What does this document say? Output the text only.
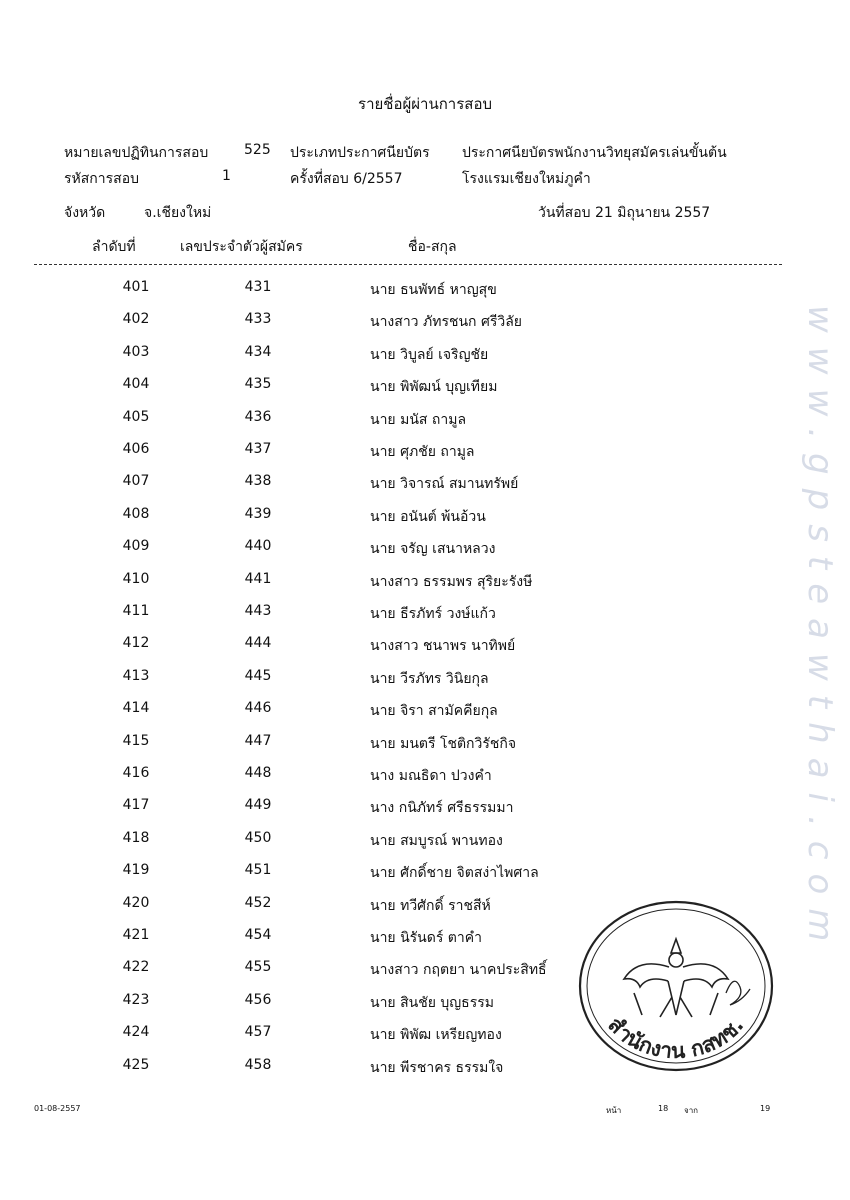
รายชื่อผู้ผ่านการสอบ
หมายเลขปฏิทินการสอบ	525 ประเภทประกาศนียบัตร ประกาศนียบัตรพนักงานวิทยุสมัครเล่นขั้นต้น
รหัสการสอบ	1	ครั้งที่สอบ 6/2557	โรงแรมเชียงใหม่ภูคำ
จังหวัด	จ.เชียงใหม่	วันที่สอบ 21 มิถุนายน 2557
ลำดับที่	เลขประจำตัวผู้สมัคร	ชื่อ-สกุล
401	431	นาย ธนพัทธ์ หาญสุข
402	433	นางสาว ภัทรชนก ศรีวิลัย
403	434	นาย วิบูลย์ เจริญชัย
404	435	นาย พิพัฒน์ บุญเทียม
405	436	นาย มนัส ถามูล
406	437	นาย ศุภชัย ถามูล
407	438	นาย วิจารณ์ สมานทรัพย์
408	439	นาย อนันต์ พ้นอ้วน
409	440	นาย จรัญ เสนาหลวง
410	441	นางสาว ธรรมพร สุริยะรังษี
411	443	นาย ธีรภัทร์ วงษ์แก้ว
412	444	นางสาว ชนาพร นาทิพย์
413	445	นาย วีรภัทร วินิยกุล
414	446	นาย จิรา สามัคคียกุล
415	447	นาย มนตรี โชติกวิรัชกิจ
416	448	นาง มณธิดา ปวงคำ
417	449	นาง กนิภัทร์ ศรีธรรมมา
418	450	นาย สมบูรณ์ พานทอง
419	451	นาย ศักดิ์ชาย จิตสง่าไพศาล
420	452	นาย ทวีศักดิ์ ราชสีห์
421	454	นาย นิรันดร์ ตาคำ
422	455	นางสาว กฤตยา นาคประสิทธิ์
423	456	นาย สินชัย บุญธรรม
424	457	นาย พิพัฒ เหรียญทอง
425	458	นาย พีรชาคร ธรรมใจ
01-08-2557	หน้า	18 จาก	19
www.gpsteawthai.com
สำนักงาน กสทช.
